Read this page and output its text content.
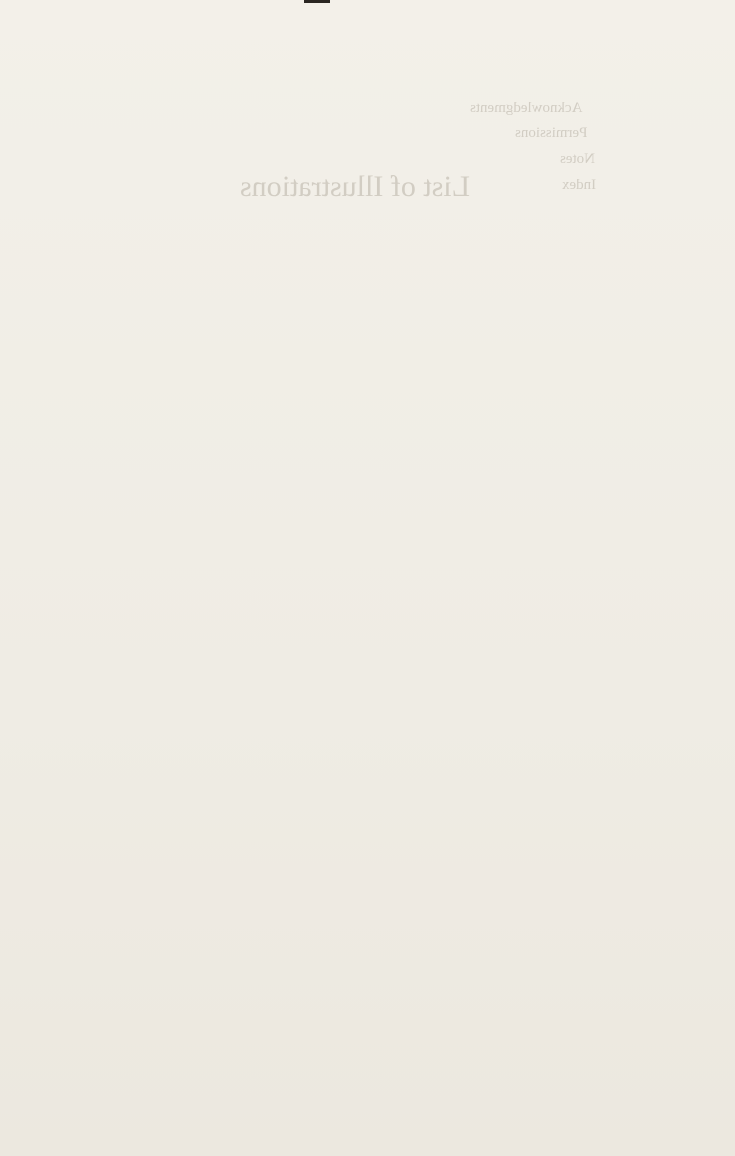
Acknowledgments
Permissions
Notes
Index
List of Illustrations
